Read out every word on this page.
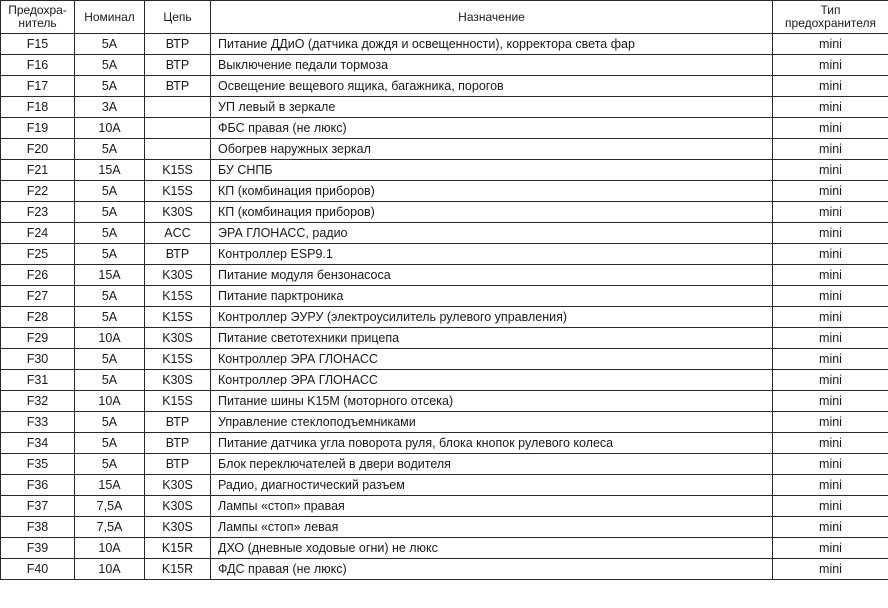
Предохра-нитель	Номинал	Цепь	Назначение	Тип предохранителя
F15	5А	ВТР	Питание ДДиО (датчика дождя и освещенности), корректора света фар	mini
F16	5А	ВТР	Выключение педали тормоза	mini
F17	5А	ВТР	Освещение вещевого ящика, багажника, порогов	mini
F18	3А		УП левый в зеркале	mini
F19	10А		ФБС правая (не люкс)	mini
F20	5А		Обогрев наружных зеркал	mini
F21	15А	K15S	БУ СНПБ	mini
F22	5А	K15S	КП (комбинация приборов)	mini
F23	5А	K30S	КП (комбинация приборов)	mini
F24	5А	ACC	ЭРА ГЛОНАСС, радио	mini
F25	5А	ВТР	Контроллер ESP9.1	mini
F26	15А	K30S	Питание модуля бензонасоса	mini
F27	5А	K15S	Питание парктроника	mini
F28	5А	K15S	Контроллер ЭУРУ (электроусилитель рулевого управления)	mini
F29	10А	K30S	Питание светотехники прицепа	mini
F30	5А	K15S	Контроллер ЭРА ГЛОНАСС	mini
F31	5А	K30S	Контроллер ЭРА ГЛОНАСС	mini
F32	10А	K15S	Питание шины K15M (моторного отсека)	mini
F33	5А	ВТР	Управление стеклоподъемниками	mini
F34	5А	ВТР	Питание датчика угла поворота руля, блока кнопок рулевого колеса	mini
F35	5А	ВТР	Блок переключателей в двери водителя	mini
F36	15А	K30S	Радио, диагностический разъем	mini
F37	7,5А	K30S	Лампы «стоп» правая	mini
F38	7,5А	K30S	Лампы «стоп» левая	mini
F39	10А	K15R	ДХО (дневные ходовые огни) не люкс	mini
F40	10А	K15R	ФДС правая (не люкс)	mini
